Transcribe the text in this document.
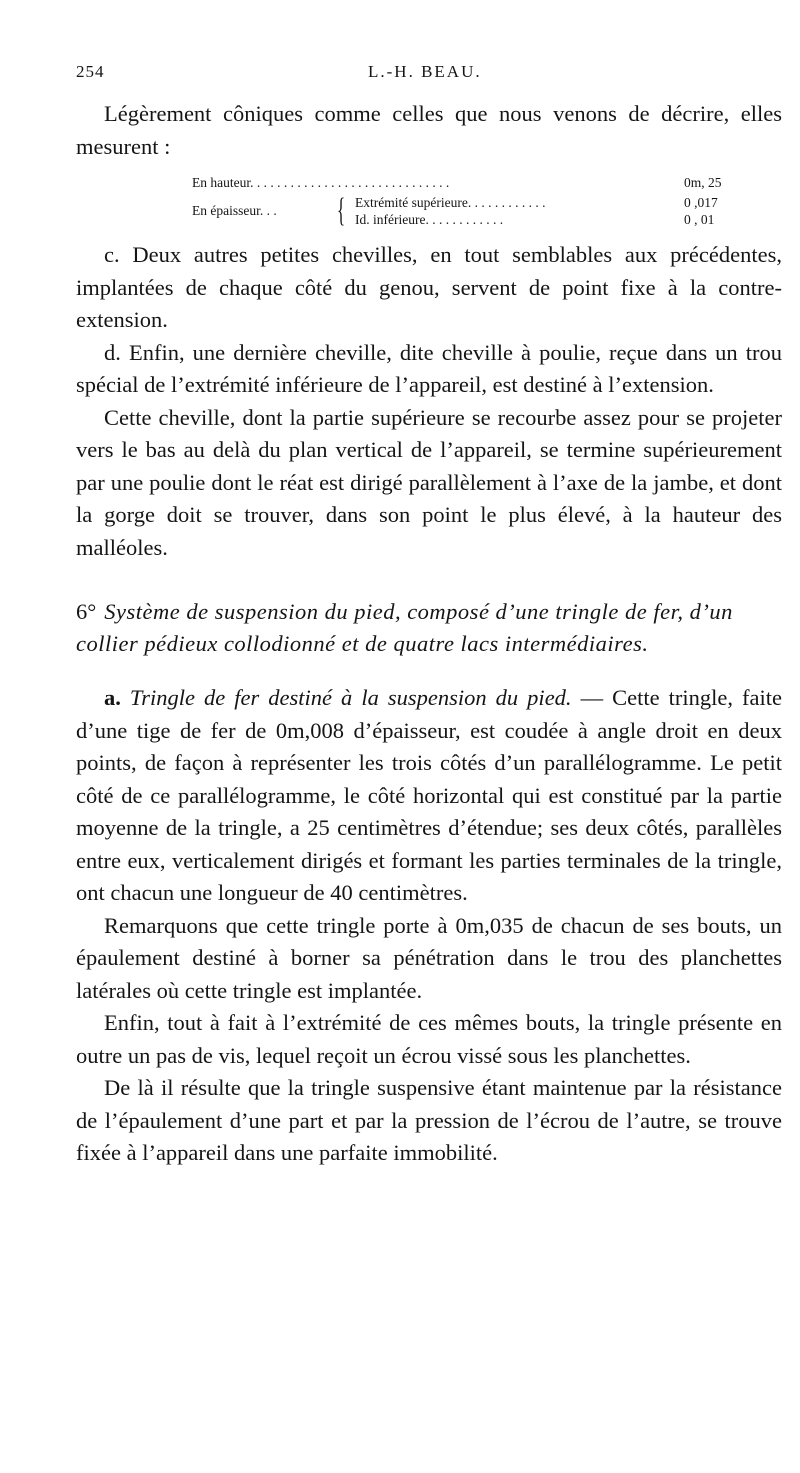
254	L.-H. BEAU.

Légèrement côniques comme celles que nous venons de décrire, elles mesurent :

En hauteur. . . . . . . . . . . . . . . . . . . . . . . . . . . . . .	0m, 25
En épaisseur. . .	{ Extrémité supérieure. . . . . . . . . . . .	0 ,017
Id. inférieure. . . . . . . . . . . .	0 , 01

c. Deux autres petites chevilles, en tout semblables aux précédentes, implantées de chaque côté du genou, servent de point fixe à la contre-extension.

d. Enfin, une dernière cheville, dite cheville à poulie, reçue dans un trou spécial de l’extrémité inférieure de l’appareil, est destiné à l’extension.

Cette cheville, dont la partie supérieure se recourbe assez pour se projeter vers le bas au delà du plan vertical de l’appareil, se termine supérieurement par une poulie dont le réat est dirigé parallèlement à l’axe de la jambe, et dont la gorge doit se trouver, dans son point le plus élevé, à la hauteur des malléoles.

6° Système de suspension du pied, composé d’une tringle de fer, d’un collier pédieux collodionné et de quatre lacs intermédiaires.

a. Tringle de fer destiné à la suspension du pied. — Cette tringle, faite d’une tige de fer de 0m,008 d’épaisseur, est coudée à angle droit en deux points, de façon à représenter les trois côtés d’un parallélogramme. Le petit côté de ce parallélogramme, le côté horizontal qui est constitué par la partie moyenne de la tringle, a 25 centimètres d’étendue; ses deux côtés, parallèles entre eux, verticalement dirigés et formant les parties terminales de la tringle, ont chacun une longueur de 40 centimètres.

Remarquons que cette tringle porte à 0m,035 de chacun de ses bouts, un épaulement destiné à borner sa pénétration dans le trou des planchettes latérales où cette tringle est implantée.

Enfin, tout à fait à l’extrémité de ces mêmes bouts, la tringle présente en outre un pas de vis, lequel reçoit un écrou vissé sous les planchettes.

De là il résulte que la tringle suspensive étant maintenue par la résistance de l’épaulement d’une part et par la pression de l’écrou de l’autre, se trouve fixée à l’appareil dans une parfaite immobilité.
